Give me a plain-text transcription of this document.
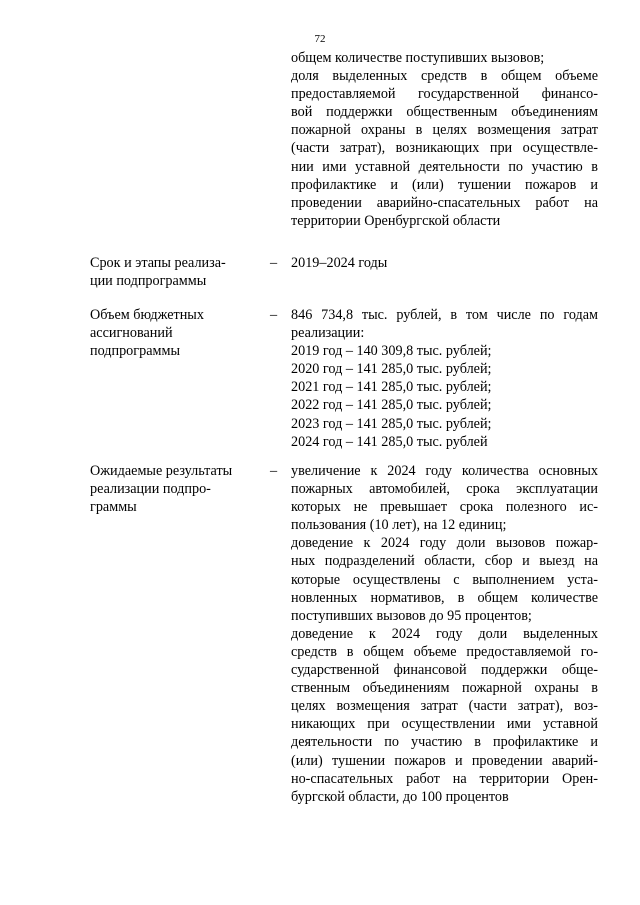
72
общем количестве поступивших вызовов;
доля выделенных средств в общем объеме
предоставляемой государственной финансо-
вой поддержки общественным объединениям
пожарной охраны в целях возмещения затрат
(части затрат), возникающих при осуществле-
нии ими уставной деятельности по участию в
профилактике и (или) тушении пожаров и
проведении аварийно-спасательных работ на
территории Оренбургской области
Срок и этапы реализа-
ции подпрограммы
– 2019–2024 годы
Объем бюджетных
ассигнований
подпрограммы
– 846 734,8 тыс. рублей, в том числе по годам
реализации:
2019 год – 140 309,8 тыс. рублей;
2020 год – 141 285,0 тыс. рублей;
2021 год – 141 285,0 тыс. рублей;
2022 год – 141 285,0 тыс. рублей;
2023 год – 141 285,0 тыс. рублей;
2024 год – 141 285,0 тыс. рублей
Ожидаемые результаты
реализации подпро-
граммы
– увеличение к 2024 году количества основных
пожарных автомобилей, срока эксплуатации
которых не превышает срока полезного ис-
пользования (10 лет), на 12 единиц;
доведение к 2024 году доли вызовов пожар-
ных подразделений области, сбор и выезд на
которые осуществлены с выполнением уста-
новленных нормативов, в общем количестве
поступивших вызовов до 95 процентов;
доведение к 2024 году доли выделенных
средств в общем объеме предоставляемой го-
сударственной финансовой поддержки обще-
ственным объединениям пожарной охраны в
целях возмещения затрат (части затрат), воз-
никающих при осуществлении ими уставной
деятельности по участию в профилактике и
(или) тушении пожаров и проведении аварий-
но-спасательных работ на территории Орен-
бургской области, до 100 процентов
